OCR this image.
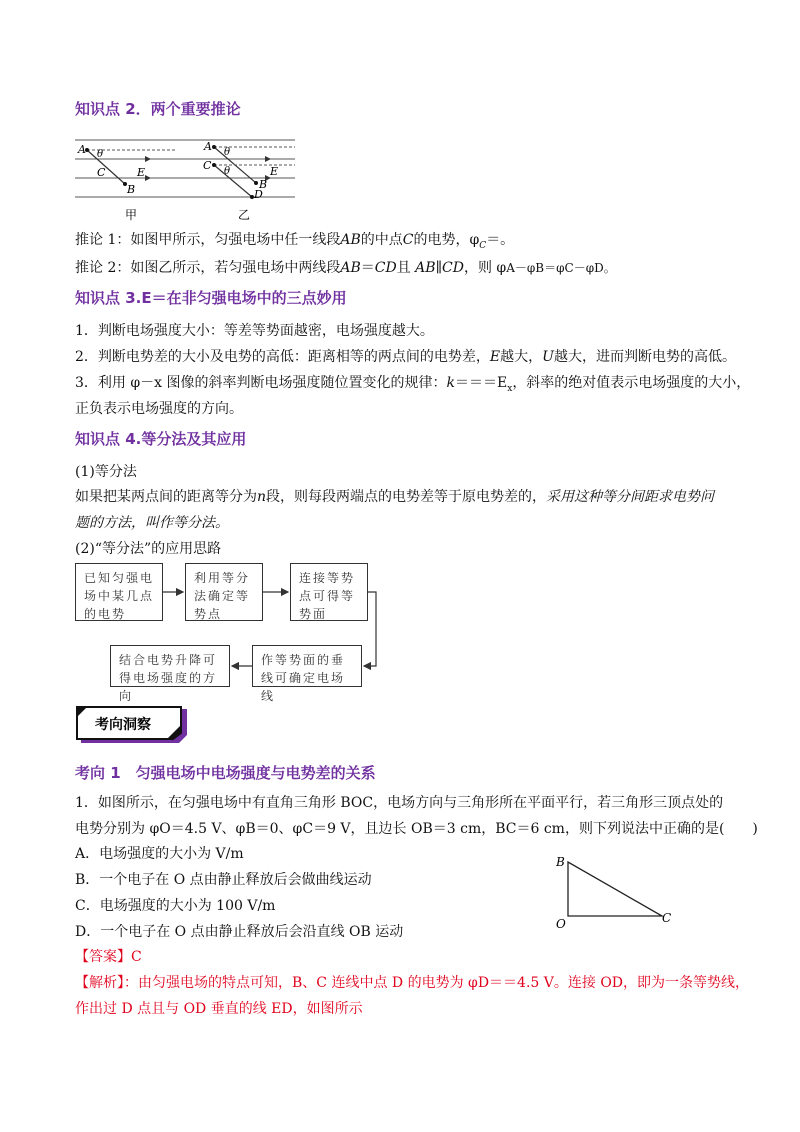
知识点 2．两个重要推论
A θ
C	E
B
甲
A θ
C θ	E
B
D
乙
推论 1：如图甲所示，匀强电场中任一线段AB的中点C的电势，$\varphi_C=$。
推论 2：如图乙所示，若匀强电场中两线段AB＝CD且 AB∥CD，则 φA－φB＝φC－φD。
知识点 3.E＝在非匀强电场中的三点妙用
1．判断电场强度大小：等差等势面越密，电场强度越大。
2．判断电势差的大小及电势的高低：距离相等的两点间的电势差，E越大，U越大，进而判断电势的高低。
3．利用 φ－x 图像的斜率判断电场强度随位置变化的规律：$k===E_x$，斜率的绝对值表示电场强度的大小，
正负表示电场强度的方向。
知识点 4.等分法及其应用
(1)等分法
如果把某两点间的距离等分为n段，则每段两端点的电势差等于原电势差的，采用这种等分间距求电势问
题的方法，叫作等分法。
(2)“等分法”的应用思路
已知匀强电场中某几点的电势
利用等分法确定等势点
连接等势点可得等势面
作等势面的垂线可确定电场线
结合电势升降可得电场强度的方向
考向洞察
考向 1　匀强电场中电场强度与电势差的关系
1．如图所示，在匀强电场中有直角三角形 BOC，电场方向与三角形所在平面平行，若三角形三顶点处的
电势分别为 φO＝4.5 V、φB＝0、φC＝9 V，且边长 OB＝3 cm，BC＝6 cm，则下列说法中正确的是(　　)
A．电场强度的大小为 V/m
B．一个电子在 O 点由静止释放后会做曲线运动
C．电场强度的大小为 100 V/m
D．一个电子在 O 点由静止释放后会沿直线 OB 运动
B
O	C
【答案】C
【解析】：由匀强电场的特点可知，B、C 连线中点 D 的电势为 φD＝＝4.5 V。连接 OD，即为一条等势线，
作出过 D 点且与 OD 垂直的线 ED，如图所示
